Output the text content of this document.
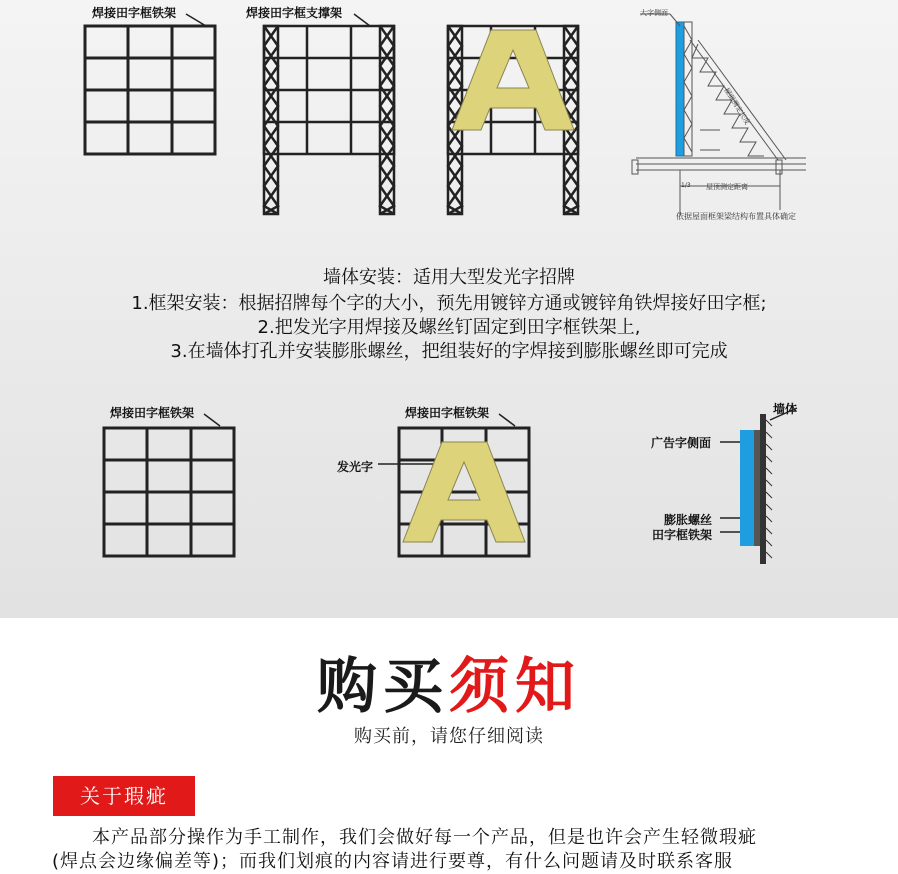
焊接田字框铁架	焊接田字框支撑架	大字侧面
屋面测定长度
屋顶测定距离
1/3
依据屋面框架梁结构布置具体确定
墙体安装：适用大型发光字招牌
1.框架安装：根据招牌每个字的大小，预先用镀锌方通或镀锌角铁焊接好田字框;
2.把发光字用焊接及螺丝钉固定到田字框铁架上,
3.在墙体打孔并安装膨胀螺丝，把组装好的字焊接到膨胀螺丝即可完成
焊接田字框铁架	焊接田字框铁架
发光字
墙体
广告字侧面
膨胀螺丝
田字框铁架
购买须知
购买前，请您仔细阅读
关于瑕疵
本产品部分操作为手工制作，我们会做好每一个产品，但是也许会产生轻微瑕疵
(焊点会边缘偏差等)；而我们划痕的内容请进行要尊，有什么问题请及时联系客服
